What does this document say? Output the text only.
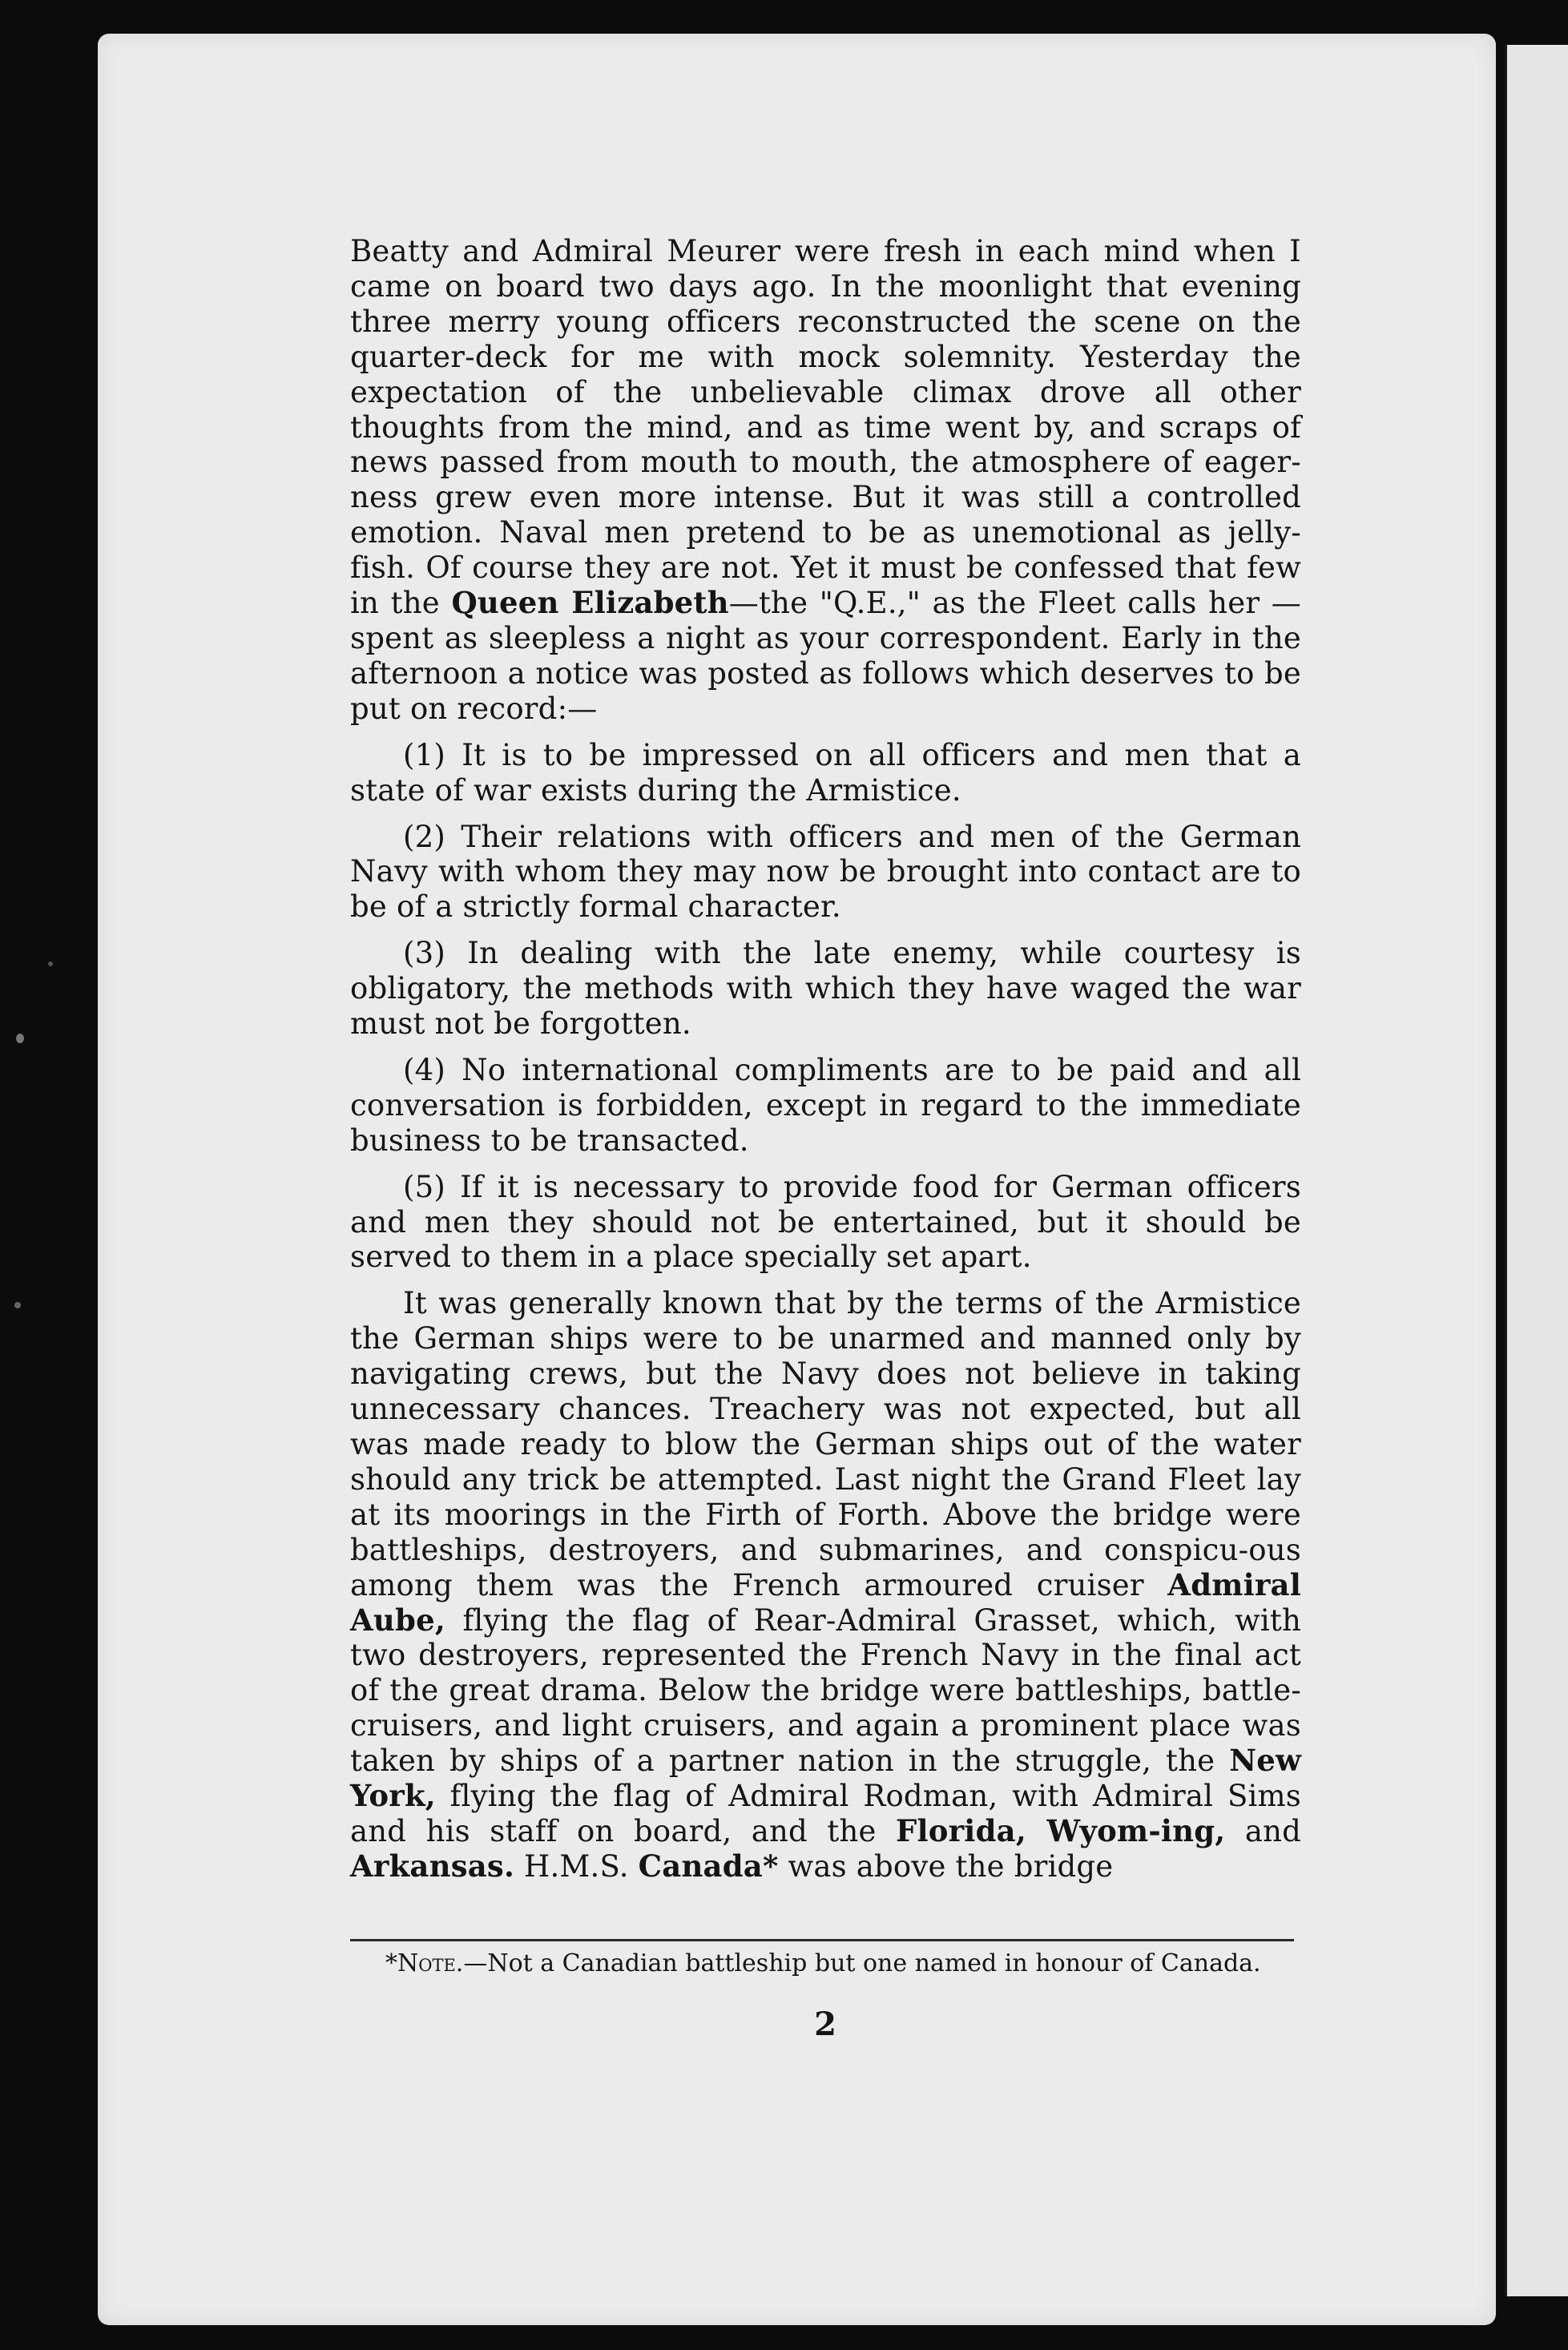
Beatty and Admiral Meurer were fresh in each mind when I came on board two days ago. In the moonlight that evening three merry young officers reconstructed the scene on the quarter-deck for me with mock solemnity. Yesterday the expectation of the unbelievable climax drove all other thoughts from the mind, and as time went by, and scraps of news passed from mouth to mouth, the atmosphere of eager-ness grew even more intense. But it was still a controlled emotion. Naval men pretend to be as unemotional as jelly-fish. Of course they are not. Yet it must be confessed that few in the Queen Elizabeth—the "Q.E.," as the Fleet calls her —spent as sleepless a night as your correspondent. Early in the afternoon a notice was posted as follows which deserves to be put on record:—

(1) It is to be impressed on all officers and men that a state of war exists during the Armistice.

(2) Their relations with officers and men of the German Navy with whom they may now be brought into contact are to be of a strictly formal character.

(3) In dealing with the late enemy, while courtesy is obligatory, the methods with which they have waged the war must not be forgotten.

(4) No international compliments are to be paid and all conversation is forbidden, except in regard to the immediate business to be transacted.

(5) If it is necessary to provide food for German officers and men they should not be entertained, but it should be served to them in a place specially set apart.

It was generally known that by the terms of the Armistice the German ships were to be unarmed and manned only by navigating crews, but the Navy does not believe in taking unnecessary chances. Treachery was not expected, but all was made ready to blow the German ships out of the water should any trick be attempted. Last night the Grand Fleet lay at its moorings in the Firth of Forth. Above the bridge were battleships, destroyers, and submarines, and conspicu-ous among them was the French armoured cruiser Admiral Aube, flying the flag of Rear-Admiral Grasset, which, with two destroyers, represented the French Navy in the final act of the great drama. Below the bridge were battleships, battle-cruisers, and light cruisers, and again a prominent place was taken by ships of a partner nation in the struggle, the New York, flying the flag of Admiral Rodman, with Admiral Sims and his staff on board, and the Florida, Wyom-ing, and Arkansas. H.M.S. Canada* was above the bridge

*Note.—Not a Canadian battleship but one named in honour of Canada.
2
